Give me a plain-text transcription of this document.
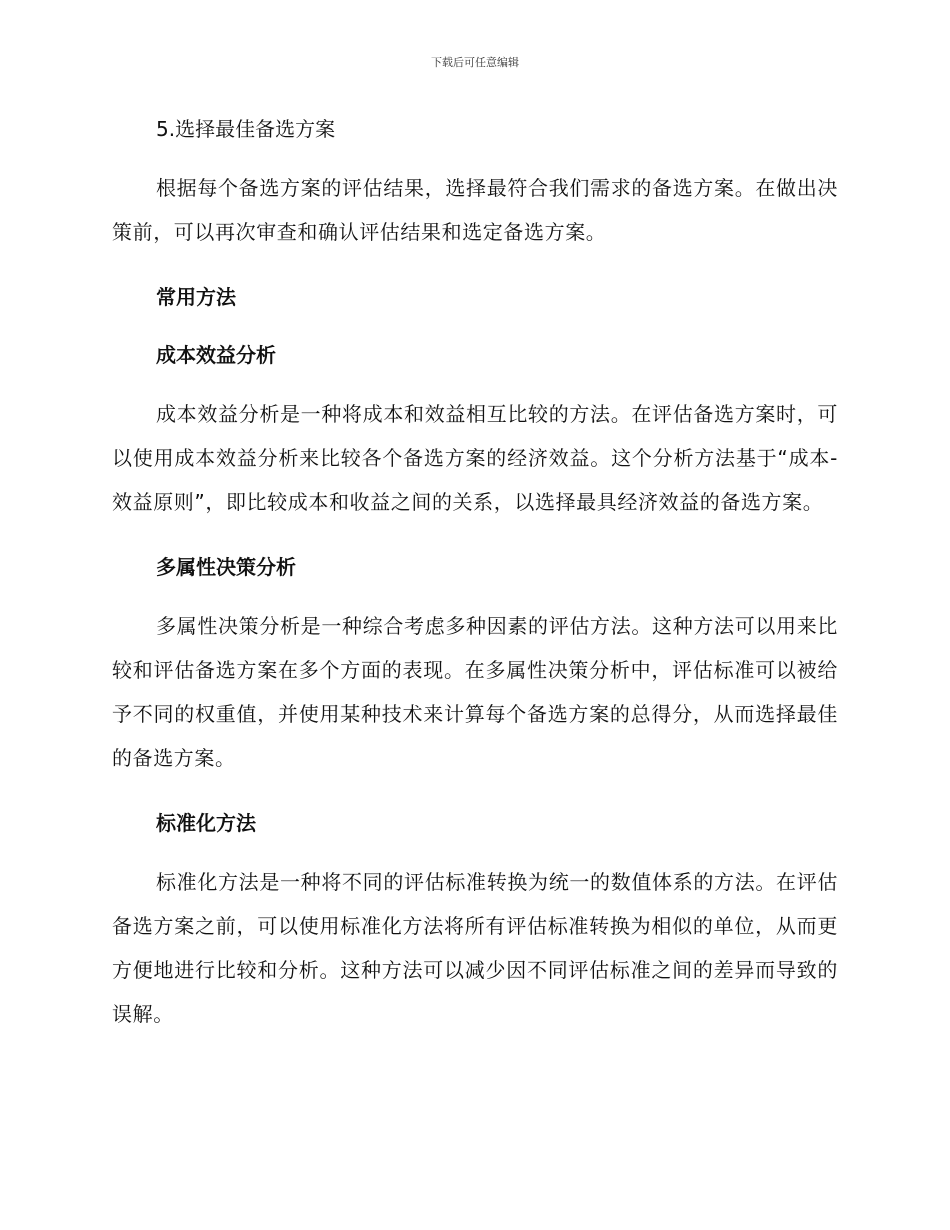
下载后可任意编辑
5.选择最佳备选方案

根据每个备选方案的评估结果，选择最符合我们需求的备选方案。在做出决策前，可以再次审查和确认评估结果和选定备选方案。

常用方法
成本效益分析

成本效益分析是一种将成本和效益相互比较的方法。在评估备选方案时，可以使用成本效益分析来比较各个备选方案的经济效益。这个分析方法基于“成本-效益原则”，即比较成本和收益之间的关系，以选择最具经济效益的备选方案。

多属性决策分析

多属性决策分析是一种综合考虑多种因素的评估方法。这种方法可以用来比较和评估备选方案在多个方面的表现。在多属性决策分析中，评估标准可以被给予不同的权重值，并使用某种技术来计算每个备选方案的总得分，从而选择最佳的备选方案。

标准化方法

标准化方法是一种将不同的评估标准转换为统一的数值体系的方法。在评估备选方案之前，可以使用标准化方法将所有评估标准转换为相似的单位，从而更方便地进行比较和分析。这种方法可以减少因不同评估标准之间的差异而导致的误解。
